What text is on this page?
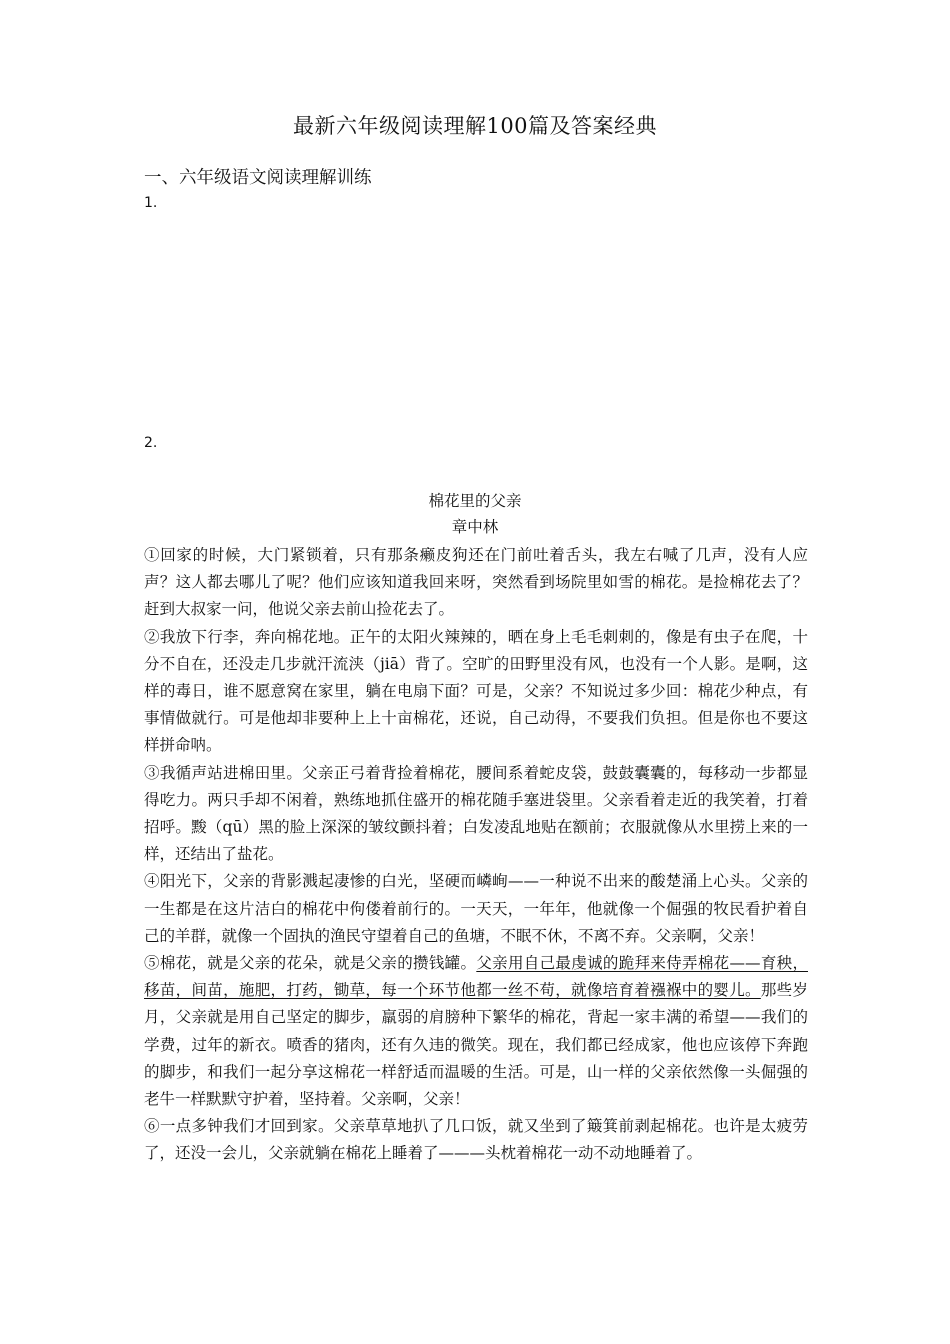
最新六年级阅读理解100篇及答案经典
一、六年级语文阅读理解训练
1.
2.
棉花里的父亲
章中林

①回家的时候，大门紧锁着，只有那条癞皮狗还在门前吐着舌头，我左右喊了几声，没有人应声？这人都去哪儿了呢？他们应该知道我回来呀，突然看到场院里如雪的棉花。是捡棉花去了？赶到大叔家一问，他说父亲去前山捡花去了。

②我放下行李，奔向棉花地。正午的太阳火辣辣的，晒在身上毛毛刺刺的，像是有虫子在爬，十分不自在，还没走几步就汗流浃（jiā）背了。空旷的田野里没有风，也没有一个人影。是啊，这样的毒日，谁不愿意窝在家里，躺在电扇下面？可是，父亲？不知说过多少回：棉花少种点，有事情做就行。可是他却非要种上上十亩棉花，还说，自己动得，不要我们负担。但是你也不要这样拼命呐。

③我循声站进棉田里。父亲正弓着背捡着棉花，腰间系着蛇皮袋，鼓鼓囊囊的，每移动一步都显得吃力。两只手却不闲着，熟练地抓住盛开的棉花随手塞进袋里。父亲看着走近的我笑着，打着招呼。黢（qū）黑的脸上深深的皱纹颤抖着；白发凌乱地贴在额前；衣服就像从水里捞上来的一样，还结出了盐花。

④阳光下，父亲的背影溅起凄惨的白光，坚硬而嶙峋——一种说不出来的酸楚涌上心头。父亲的一生都是在这片洁白的棉花中佝偻着前行的。一天天，一年年，他就像一个倔强的牧民看护着自己的羊群，就像一个固执的渔民守望着自己的鱼塘，不眠不休，不离不弃。父亲啊，父亲！

⑤棉花，就是父亲的花朵，就是父亲的攒钱罐。父亲用自己最虔诚的跪拜来侍弄棉花——育秧，移苗，间苗，施肥，打药，锄草，每一个环节他都一丝不苟，就像培育着襁褓中的婴儿。那些岁月，父亲就是用自己坚定的脚步，羸弱的肩膀种下繁华的棉花，背起一家丰满的希望——我们的学费，过年的新衣。喷香的猪肉，还有久违的微笑。现在，我们都已经成家，他也应该停下奔跑的脚步，和我们一起分享这棉花一样舒适而温暖的生活。可是，山一样的父亲依然像一头倔强的老牛一样默默守护着，坚持着。父亲啊，父亲！

⑥一点多钟我们才回到家。父亲草草地扒了几口饭，就又坐到了簸箕前剥起棉花。也许是太疲劳了，还没一会儿，父亲就躺在棉花上睡着了———头枕着棉花一动不动地睡着了。
